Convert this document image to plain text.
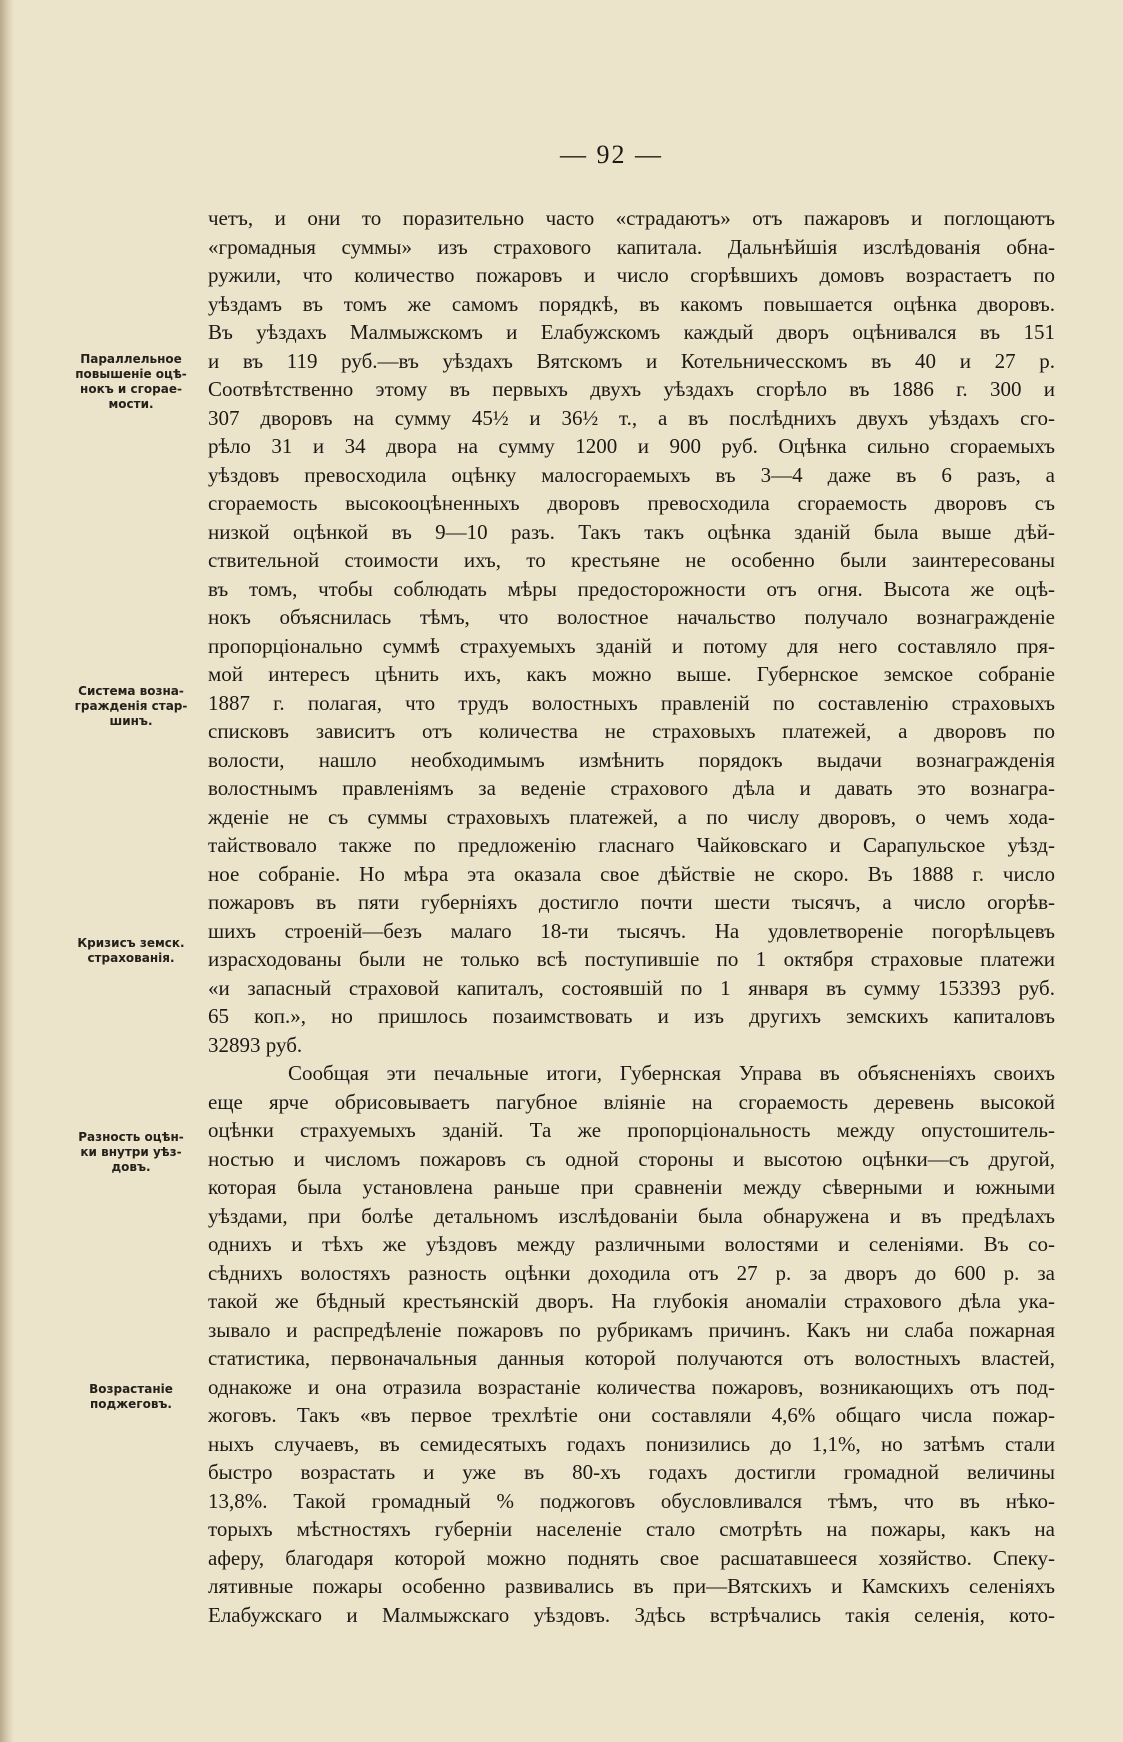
— 92 —
Параллельное
повышеніе оцѣ-
нокъ и сгорае-
мости.
Система возна-
гражденія стар-
шинъ.
Кризисъ земск.
страхованія.
Разность оцѣн-
ки внутри уѣз-
довъ.
Возрастаніе
поджеговъ.
четъ, и они то поразительно часто «страдаютъ» отъ пажаровъ и поглощаютъ
«громадныя суммы» изъ страхового капитала. Дальнѣйшія изслѣдованія обна-
ружили, что количество пожаровъ и число сгорѣвшихъ домовъ возрастаетъ по
уѣздамъ въ томъ же самомъ порядкѣ, въ какомъ повышается оцѣнка дворовъ.
Въ уѣздахъ Малмыжскомъ и Елабужскомъ каждый дворъ оцѣнивался въ 151
и въ 119 руб.—въ уѣздахъ Вятскомъ и Котельничесскомъ въ 40 и 27 р.
Соотвѣтственно этому въ первыхъ двухъ уѣздахъ сгорѣло въ 1886 г. 300 и
307 дворовъ на сумму 45½ и 36½ т., а въ послѣднихъ двухъ уѣздахъ сго-
рѣло 31 и 34 двора на сумму 1200 и 900 руб. Оцѣнка сильно сгораемыхъ
уѣздовъ превосходила оцѣнку малосгораемыхъ въ 3—4 даже въ 6 разъ, а
сгораемость высокооцѣненныхъ дворовъ превосходила сгораемость дворовъ съ
низкой оцѣнкой въ 9—10 разъ. Такъ такъ оцѣнка зданій была выше дѣй-
ствительной стоимости ихъ, то крестьяне не особенно были заинтересованы
въ томъ, чтобы соблюдать мѣры предосторожности отъ огня. Высота же оцѣ-
нокъ объяснилась тѣмъ, что волостное начальство получало вознагражденіе
пропорціонально суммѣ страхуемыхъ зданій и потому для него составляло пря-
мой интересъ цѣнить ихъ, какъ можно выше. Губернское земское собраніе
1887 г. полагая, что трудъ волостныхъ правленій по составленію страховыхъ
списковъ зависитъ отъ количества не страховыхъ платежей, а дворовъ по
волости, нашло необходимымъ измѣнить порядокъ выдачи вознагражденія
волостнымъ правленіямъ за веденіе страхового дѣла и давать это вознагра-
жденіе не съ суммы страховыхъ платежей, а по числу дворовъ, о чемъ хода-
тайствовало также по предложенію гласнаго Чайковскаго и Сарапульское уѣзд-
ное собраніе. Но мѣра эта оказала свое дѣйствіе не скоро. Въ 1888 г. число
пожаровъ въ пяти губерніяхъ достигло почти шести тысячъ, а число огорѣв-
шихъ строеній—безъ малаго 18-ти тысячъ. На удовлетвореніе погорѣльцевъ
израсходованы были не только всѣ поступившіе по 1 октября страховые платежи
«и запасный страховой капиталъ, состоявшій по 1 января въ сумму 153393 руб.
65 коп.», но пришлось позаимствовать и изъ другихъ земскихъ капиталовъ
32893 руб.
Сообщая эти печальные итоги, Губернская Управа въ объясненіяхъ своихъ
еще ярче обрисовываетъ пагубное вліяніе на сгораемость деревень высокой
оцѣнки страхуемыхъ зданій. Та же пропорціональность между опустошитель-
ностью и числомъ пожаровъ съ одной стороны и высотою оцѣнки—съ другой,
которая была установлена раньше при сравненіи между сѣверными и южными
уѣздами, при болѣе детальномъ изслѣдованіи была обнаружена и въ предѣлахъ
однихъ и тѣхъ же уѣздовъ между различными волостями и селеніями. Въ со-
сѣднихъ волостяхъ разность оцѣнки доходила отъ 27 р. за дворъ до 600 р. за
такой же бѣдный крестьянскій дворъ. На глубокія аномаліи страхового дѣла ука-
зывало и распредѣленіе пожаровъ по рубрикамъ причинъ. Какъ ни слаба пожарная
статистика, первоначальныя данныя которой получаются отъ волостныхъ властей,
однакоже и она отразила возрастаніе количества пожаровъ, возникающихъ отъ под-
жоговъ. Такъ «въ первое трехлѣтіе они составляли 4,6% общаго числа пожар-
ныхъ случаевъ, въ семидесятыхъ годахъ понизились до 1,1%, но затѣмъ стали
быстро возрастать и уже въ 80-хъ годахъ достигли громадной величины
13,8%. Такой громадный % поджоговъ обусловливался тѣмъ, что въ нѣко-
торыхъ мѣстностяхъ губерніи населеніе стало смотрѣть на пожары, какъ на
аферу, благодаря которой можно поднять свое расшатавшееся хозяйство. Спеку-
лятивные пожары особенно развивались въ при—Вятскихъ и Камскихъ селеніяхъ
Елабужскаго и Малмыжскаго уѣздовъ. Здѣсь встрѣчались такія селенія, кото-
